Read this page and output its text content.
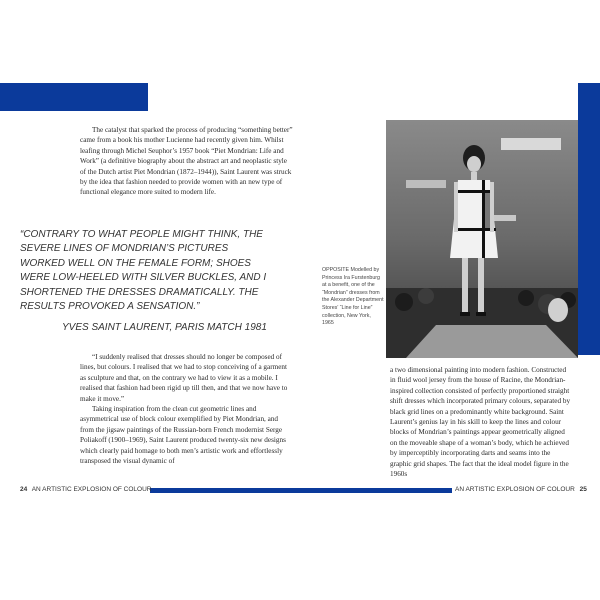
The catalyst that sparked the process of producing “something better” came from a book his mother Lucienne had recently given him. Whilst leafing through Michel Seuphor’s 1957 book “Piet Mondrian: Life and Work” (a definitive biography about the abstract art and neoplastic style of the Dutch artist Piet Mondrian (1872–1944)), Saint Laurent was struck by the idea that fashion needed to provide women with an new type of functional elegance more suited to modern life.

“CONTRARY TO WHAT PEOPLE MIGHT THINK, THE SEVERE LINES OF MONDRIAN’S PICTURES WORKED WELL ON THE FEMALE FORM; SHOES WERE LOW-HEELED WITH SILVER BUCKLES, AND I SHORTENED THE DRESSES DRAMATICALLY. THE RESULTS PROVOKED A SENSATION.”
YVES SAINT LAURENT, PARIS MATCH 1981

“I suddenly realised that dresses should no longer be composed of lines, but colours. I realised that we had to stop conceiving of a garment as sculpture and that, on the contrary we had to view it as a mobile. I realised that fashion had been rigid up till then, and that we now have to make it move.”

Taking inspiration from the clean cut geometric lines and asymmetrical use of block colour exemplified by Piet Mondrian, and from the jigsaw paintings of the Russian-born French modernist Serge Poliakoff (1900–1969), Saint Laurent produced twenty-six new designs which clearly paid homage to both men’s artistic work and effortlessly transposed the visual dynamic of

OPPOSITE Modelled by Princess Ira Furstenburg at a benefit, one of the “Mondrian” dresses from the Alexander Department Stores’ “Line for Line” collection, New York, 1965

a two dimensional painting into modern fashion. Constructed in fluid wool jersey from the house of Racine, the Mondrian-inspired collection consisted of perfectly proportioned straight shift dresses which incorporated primary colours, separated by black grid lines on a predominantly white background. Saint Laurent’s genius lay in his skill to keep the lines and colour blocks of Mondrian’s paintings appear geometrically aligned on the moveable shape of a woman’s body, which he achieved by imperceptibly incorporating darts and seams into the graphic grid shapes. The fact that the ideal model figure in the 1960s

24 AN ARTISTIC EXPLOSION OF COLOUR	AN ARTISTIC EXPLOSION OF COLOUR 25
